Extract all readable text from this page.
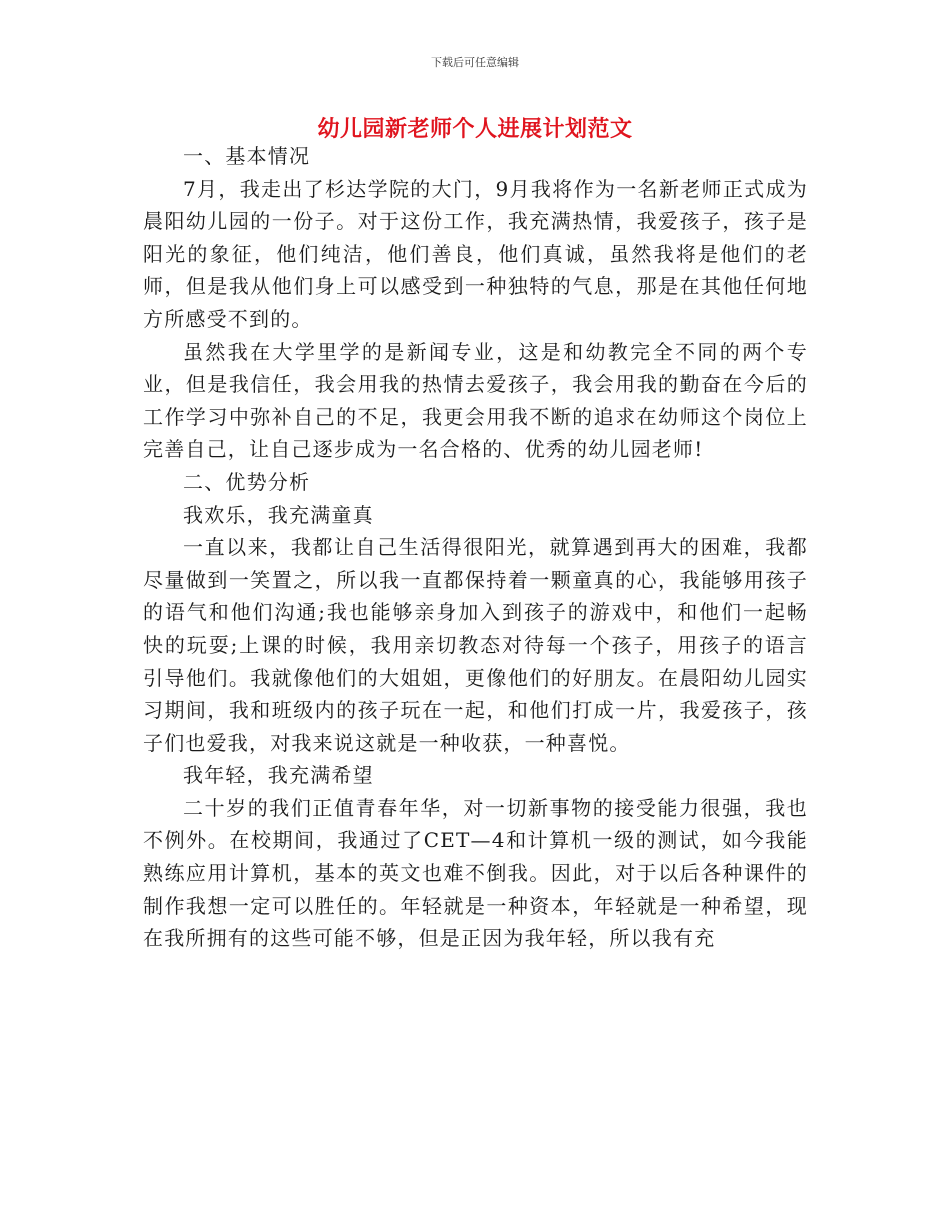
下载后可任意编辑
幼儿园新老师个人进展计划范文

一、基本情况

7月，我走出了杉达学院的大门，9月我将作为一名新老师正式成为晨阳幼儿园的一份子。对于这份工作，我充满热情，我爱孩子，孩子是阳光的象征，他们纯洁，他们善良，他们真诚，虽然我将是他们的老师，但是我从他们身上可以感受到一种独特的气息，那是在其他任何地方所感受不到的。

虽然我在大学里学的是新闻专业，这是和幼教完全不同的两个专业，但是我信任，我会用我的热情去爱孩子，我会用我的勤奋在今后的工作学习中弥补自己的不足，我更会用我不断的追求在幼师这个岗位上完善自己，让自己逐步成为一名合格的、优秀的幼儿园老师!

二、优势分析

我欢乐，我充满童真

一直以来，我都让自己生活得很阳光，就算遇到再大的困难，我都尽量做到一笑置之，所以我一直都保持着一颗童真的心，我能够用孩子的语气和他们沟通;我也能够亲身加入到孩子的游戏中，和他们一起畅快的玩耍;上课的时候，我用亲切教态对待每一个孩子，用孩子的语言引导他们。我就像他们的大姐姐，更像他们的好朋友。在晨阳幼儿园实习期间，我和班级内的孩子玩在一起，和他们打成一片，我爱孩子，孩子们也爱我，对我来说这就是一种收获，一种喜悦。

我年轻，我充满希望

二十岁的我们正值青春年华，对一切新事物的接受能力很强，我也不例外。在校期间，我通过了CET—4和计算机一级的测试，如今我能熟练应用计算机，基本的英文也难不倒我。因此，对于以后各种课件的制作我想一定可以胜任的。年轻就是一种资本，年轻就是一种希望，现在我所拥有的这些可能不够，但是正因为我年轻，所以我有充
